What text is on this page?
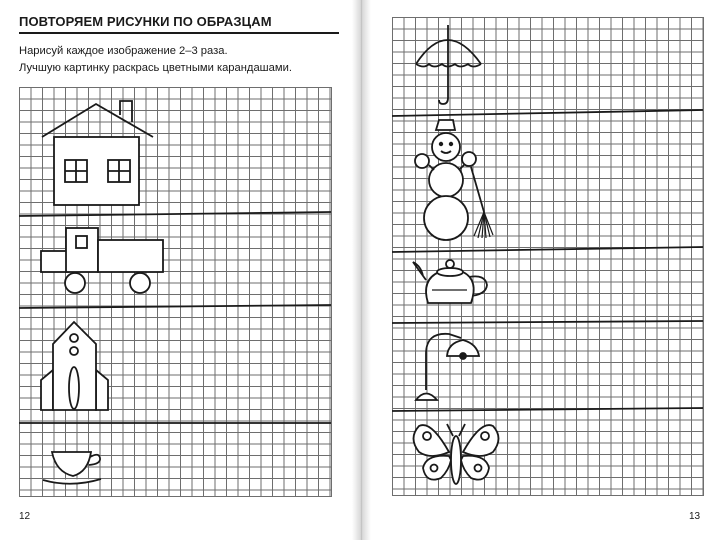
ПОВТОРЯЕМ РИСУНКИ ПО ОБРАЗЦАМ
Нарисуй каждое изображение 2–3 раза.
Лучшую картинку раскрась цветными карандашами.
12	13
